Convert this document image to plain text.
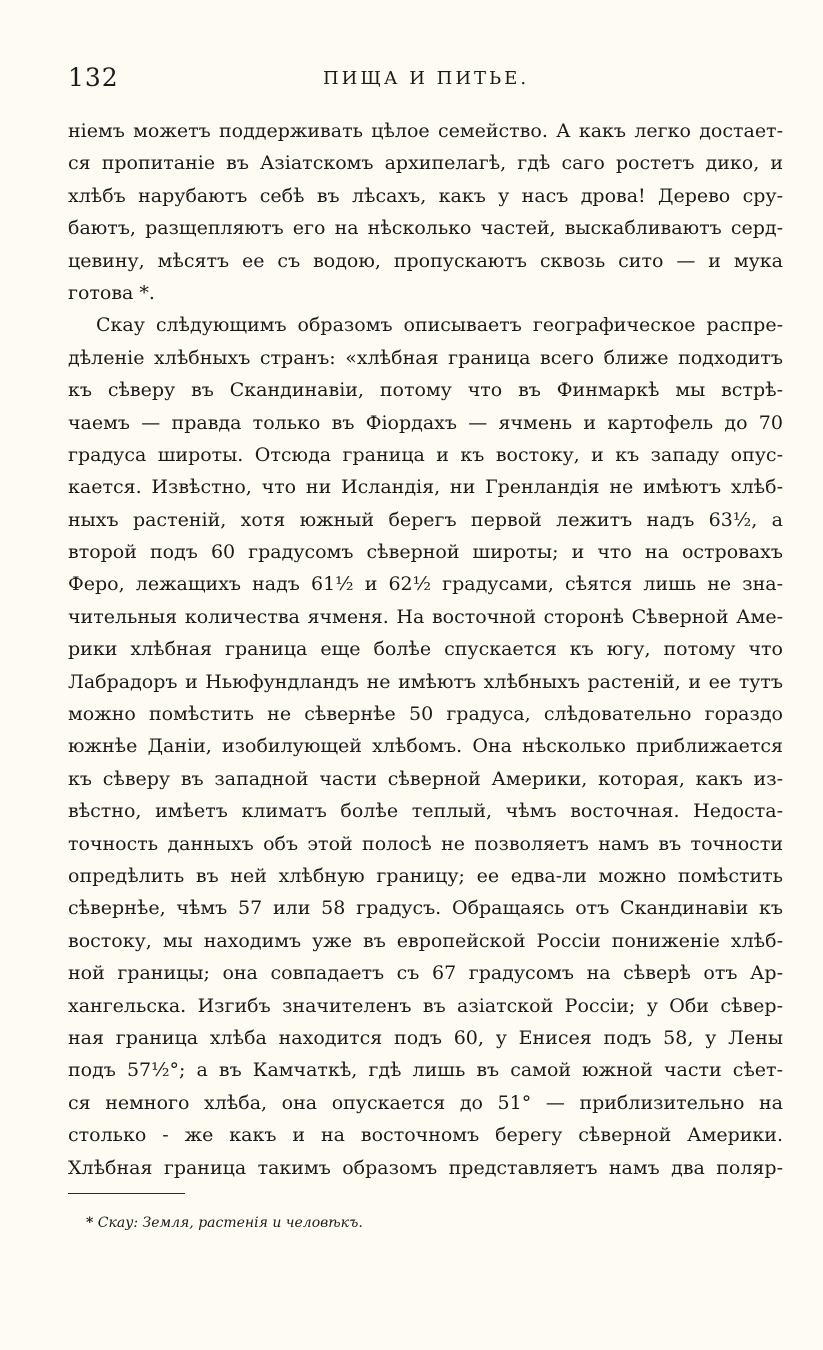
132	ПИЩА И ПИТЬЕ.
ніемъ можетъ поддерживать цѣлое семейство. А какъ легко достает-
ся пропитаніе въ Азіатскомъ архипелагѣ, гдѣ саго ростетъ дико, и
хлѣбъ нарубаютъ себѣ въ лѣсахъ, какъ у насъ дрова! Дерево сру-
баютъ, разщепляютъ его на нѣсколько частей, выскабливаютъ серд-
цевину, мѣсятъ ее съ водою, пропускаютъ сквозь сито — и мука
готова *.
Скау слѣдующимъ образомъ описываетъ географическое распре-
дѣленіе хлѣбныхъ странъ: «хлѣбная граница всего ближе подходитъ
къ сѣверу въ Скандинавіи, потому что въ Финмаркѣ мы встрѣ-
чаемъ — правда только въ Фіордахъ — ячмень и картофель до 70
градуса широты. Отсюда граница и къ востоку, и къ западу опус-
кается. Извѣстно, что ни Исландія, ни Гренландія не имѣютъ хлѣб-
ныхъ растеній, хотя южный берегъ первой лежитъ надъ 63½, а
второй подъ 60 градусомъ сѣверной широты; и что на островахъ
Феро, лежащихъ надъ 61½ и 62½ градусами, сѣятся лишь не зна-
чительныя количества ячменя. На восточной сторонѣ Сѣверной Аме-
рики хлѣбная граница еще болѣе спускается къ югу, потому что
Лабрадоръ и Ньюфундландъ не имѣютъ хлѣбныхъ растеній, и ее тутъ
можно помѣстить не сѣвернѣе 50 градуса, слѣдовательно гораздо
южнѣе Даніи, изобилующей хлѣбомъ. Она нѣсколько приближается
къ сѣверу въ западной части сѣверной Америки, которая, какъ из-
вѣстно, имѣетъ климатъ болѣе теплый, чѣмъ восточная. Недоста-
точность данныхъ объ этой полосѣ не позволяетъ намъ въ точности
опредѣлить въ ней хлѣбную границу; ее едва-ли можно помѣстить
сѣвернѣе, чѣмъ 57 или 58 градусъ. Обращаясь отъ Скандинавіи къ
востоку, мы находимъ уже въ европейской Россіи пониженіе хлѣб-
ной границы; она совпадаетъ съ 67 градусомъ на сѣверѣ отъ Ар-
хангельска. Изгибъ значителенъ въ азіатской Россіи; у Оби сѣвер-
ная граница хлѣба находится подъ 60, у Енисея подъ 58, у Лены
подъ 57½°; а въ Камчаткѣ, гдѣ лишь въ самой южной части сѣет-
ся немного хлѣба, она опускается до 51° — приблизительно на
столько - же какъ и на восточномъ берегу сѣверной Америки.
Хлѣбная граница такимъ образомъ представляетъ намъ два поляр-
* Скау: Земля, растенія и человѣкъ.
